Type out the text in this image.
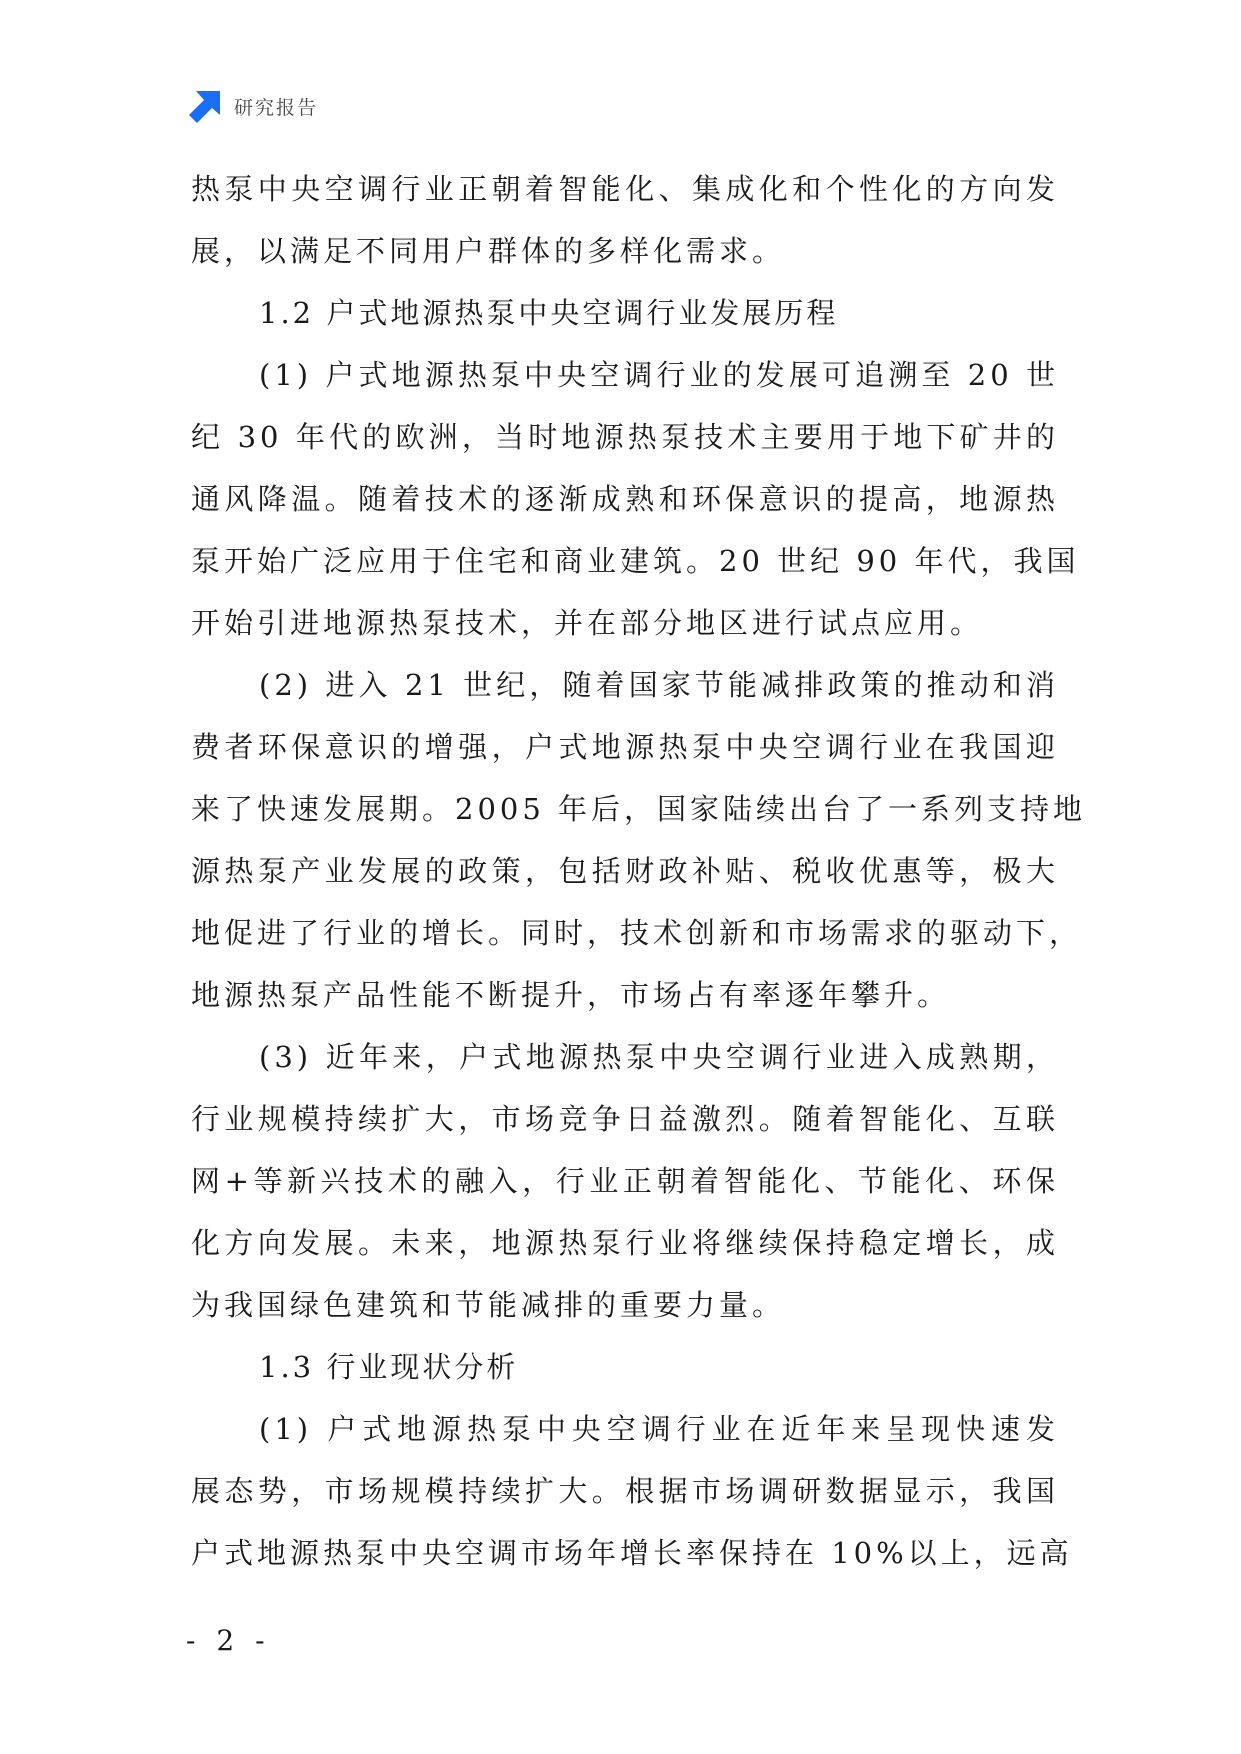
研究报告
热泵中央空调行业正朝着智能化、集成化和个性化的方向发
展，以满足不同用户群体的多样化需求。
1.2 户式地源热泵中央空调行业发展历程
(1) 户式地源热泵中央空调行业的发展可追溯至 20 世
纪 30 年代的欧洲，当时地源热泵技术主要用于地下矿井的
通风降温。随着技术的逐渐成熟和环保意识的提高，地源热
泵开始广泛应用于住宅和商业建筑。20 世纪 90 年代，我国
开始引进地源热泵技术，并在部分地区进行试点应用。
(2) 进入 21 世纪，随着国家节能减排政策的推动和消
费者环保意识的增强，户式地源热泵中央空调行业在我国迎
来了快速发展期。2005 年后，国家陆续出台了一系列支持地
源热泵产业发展的政策，包括财政补贴、税收优惠等，极大
地促进了行业的增长。同时，技术创新和市场需求的驱动下，
地源热泵产品性能不断提升，市场占有率逐年攀升。
(3) 近年来，户式地源热泵中央空调行业进入成熟期，
行业规模持续扩大，市场竞争日益激烈。随着智能化、互联
网+等新兴技术的融入，行业正朝着智能化、节能化、环保
化方向发展。未来，地源热泵行业将继续保持稳定增长，成
为我国绿色建筑和节能减排的重要力量。
1.3 行业现状分析
(1) 户式地源热泵中央空调行业在近年来呈现快速发
展态势，市场规模持续扩大。根据市场调研数据显示，我国
户式地源热泵中央空调市场年增长率保持在 10%以上，远高
- 2 -
